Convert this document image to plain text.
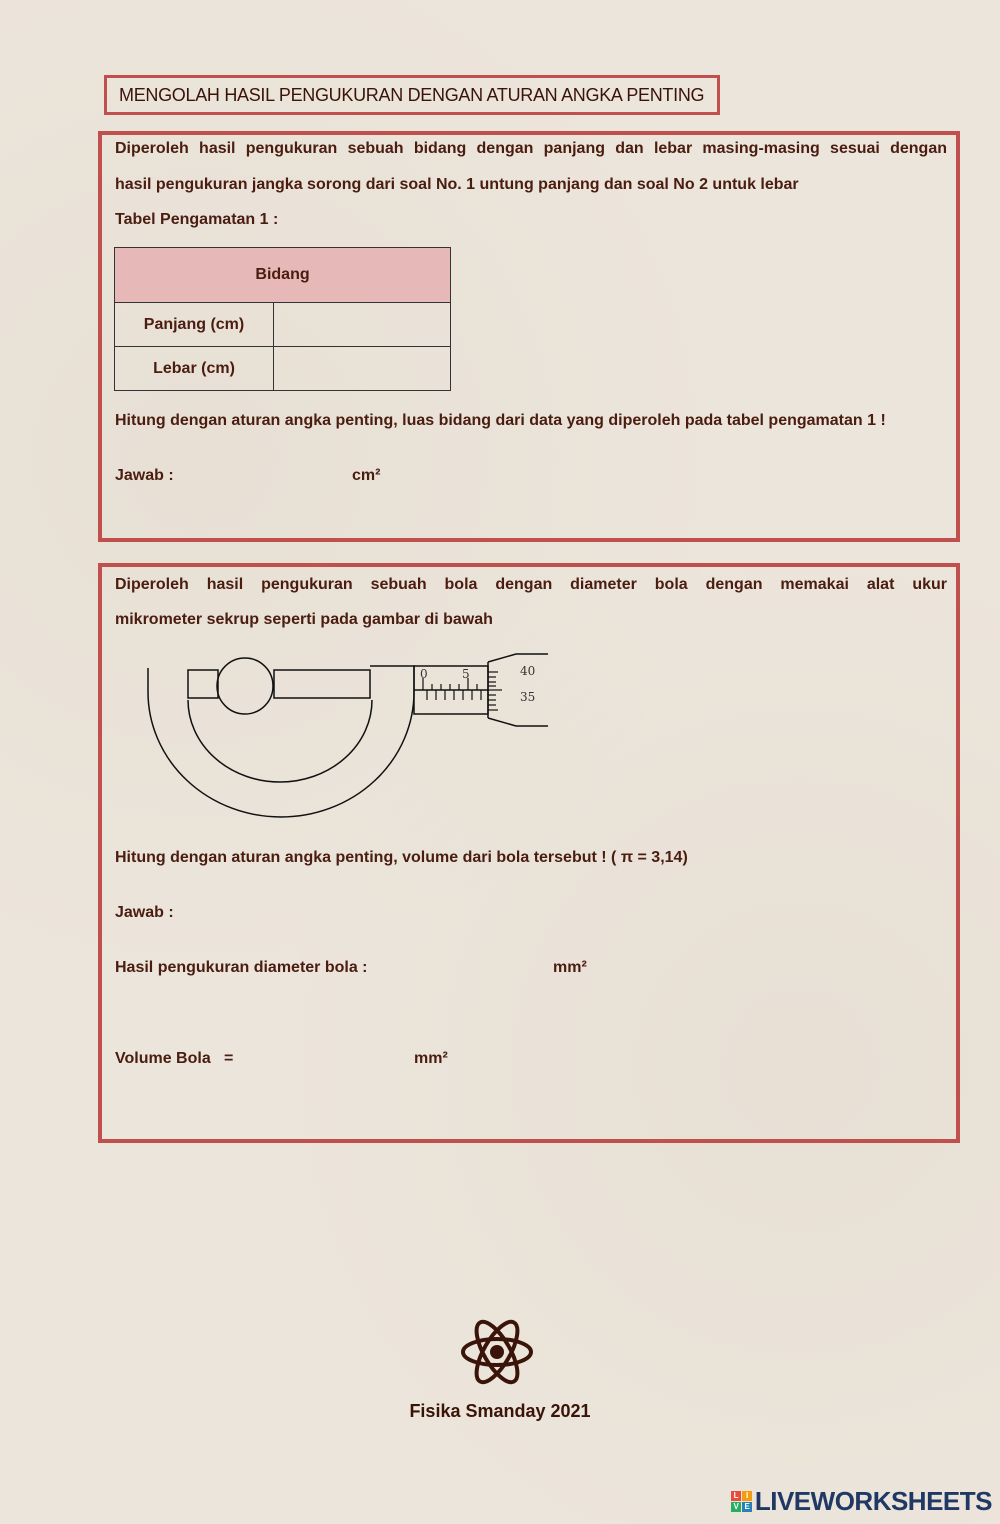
MENGOLAH HASIL PENGUKURAN DENGAN ATURAN ANGKA PENTING
Diperoleh hasil pengukuran sebuah bidang dengan panjang dan lebar masing-masing sesuai dengan
hasil pengukuran jangka sorong dari soal No. 1 untung panjang dan soal No 2 untuk lebar
Tabel Pengamatan 1 :
Bidang	
Panjang (cm)	
Lebar (cm)	
Hitung dengan aturan angka penting, luas bidang dari data yang diperoleh pada tabel pengamatan 1 !
Jawab :	cm²
Diperoleh hasil pengukuran sebuah bola dengan diameter bola dengan memakai alat ukur
mikrometer sekrup seperti pada gambar di bawah
0	5	40
35
Hitung dengan aturan angka penting, volume dari bola tersebut ! ( π = 3,14)
Jawab :
Hasil pengukuran diameter bola :	mm²
Volume Bola   =	mm²
Fisika Smanday 2021
L I
V E LIVEWORKSHEETS
